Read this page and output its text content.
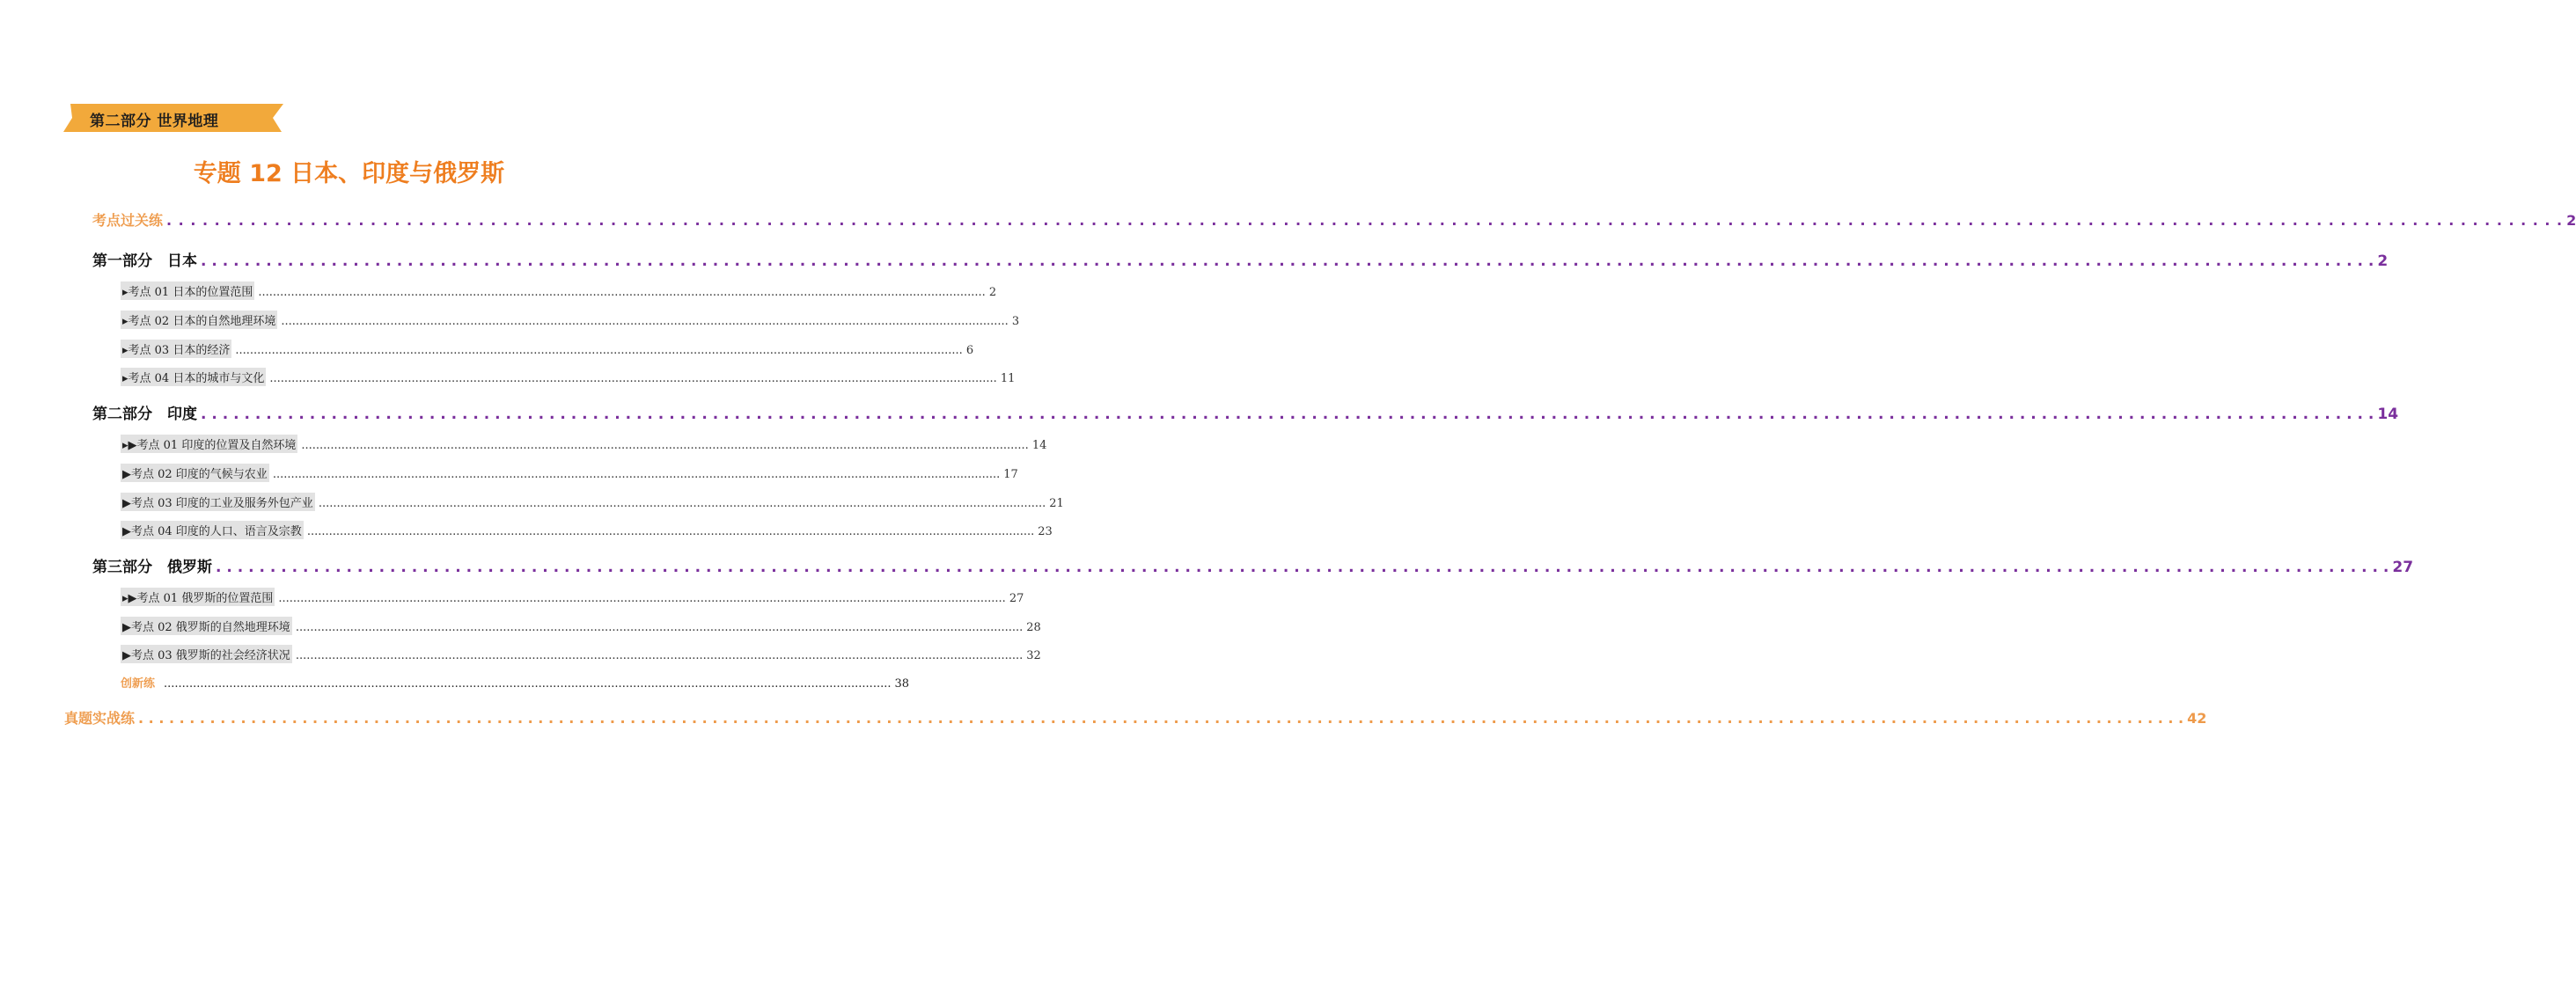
第二部分 世界地理
专题 12 日本、印度与俄罗斯
考点过关练 . . . . . . . . . . . . . . . . . . . . . . . . . . . . . . . . . . . . . . . . . . . . . . . . . . . . . . . . . . . . . . . . . . . . . . . . . . . . . . . . . . . . . . . . . . . . . . . . . . . . . . . . . . . . . . . . . . . . . . . . . . . . . . . . . . . . . . . . . . . . . . . . . . . . . . . . . . . . . . . . . . . . . . . . . . . . . . . . . . . . . . . . . . . . . . . . . . . . . . . . 2
第一部分　日本 . . . . . . . . . . . . . . . . . . . . . . . . . . . . . . . . . . . . . . . . . . . . . . . . . . . . . . . . . . . . . . . . . . . . . . . . . . . . . . . . . . . . . . . . . . . . . . . . . . . . . . . . . . . . . . . . . . . . . . . . . . . . . . . . . . . . . . . . . . . . . . . . . . . . . . . . . . . . . . . . . . . . . . . . . . . . . . . . . . . . . . . . . . . . . . . . . . . . . . . . 2
▸考点 01 日本的位置范围 ........................................................................................................................................................................................................ 2
▸考点 02 日本的自然地理环境 ........................................................................................................................................................................................................ 3
▸考点 03 日本的经济 ........................................................................................................................................................................................................ 6
▸考点 04 日本的城市与文化 ........................................................................................................................................................................................................ 11
第二部分　印度 . . . . . . . . . . . . . . . . . . . . . . . . . . . . . . . . . . . . . . . . . . . . . . . . . . . . . . . . . . . . . . . . . . . . . . . . . . . . . . . . . . . . . . . . . . . . . . . . . . . . . . . . . . . . . . . . . . . . . . . . . . . . . . . . . . . . . . . . . . . . . . . . . . . . . . . . . . . . . . . . . . . . . . . . . . . . . . . . . . . . . . . . . . . . . . . . . . . . . . . . 14
▸▶考点 01 印度的位置及自然环境 ........................................................................................................................................................................................................ 14
▶考点 02 印度的气候与农业 ........................................................................................................................................................................................................ 17
▶考点 03 印度的工业及服务外包产业 ........................................................................................................................................................................................................ 21
▶考点 04 印度的人口、语言及宗教 ........................................................................................................................................................................................................ 23
第三部分　俄罗斯 . . . . . . . . . . . . . . . . . . . . . . . . . . . . . . . . . . . . . . . . . . . . . . . . . . . . . . . . . . . . . . . . . . . . . . . . . . . . . . . . . . . . . . . . . . . . . . . . . . . . . . . . . . . . . . . . . . . . . . . . . . . . . . . . . . . . . . . . . . . . . . . . . . . . . . . . . . . . . . . . . . . . . . . . . . . . . . . . . . . . . . . . . . . . . . . . . . . . . . . . 27
▸▶考点 01 俄罗斯的位置范围 ........................................................................................................................................................................................................ 27
▶考点 02 俄罗斯的自然地理环境 ........................................................................................................................................................................................................ 28
▶考点 03 俄罗斯的社会经济状况 ........................................................................................................................................................................................................ 32
创新练 ........................................................................................................................................................................................................ 38
真题实战练 . . . . . . . . . . . . . . . . . . . . . . . . . . . . . . . . . . . . . . . . . . . . . . . . . . . . . . . . . . . . . . . . . . . . . . . . . . . . . . . . . . . . . . . . . . . . . . . . . . . . . . . . . . . . . . . . . . . . . . . . . . . . . . . . . . . . . . . . . . . . . . . . . . . . . . . . . . . . . . . . . . . . . . . . . . . . . . . . . . . . . . . . . . . . . . . . . . . . . . . . 42
